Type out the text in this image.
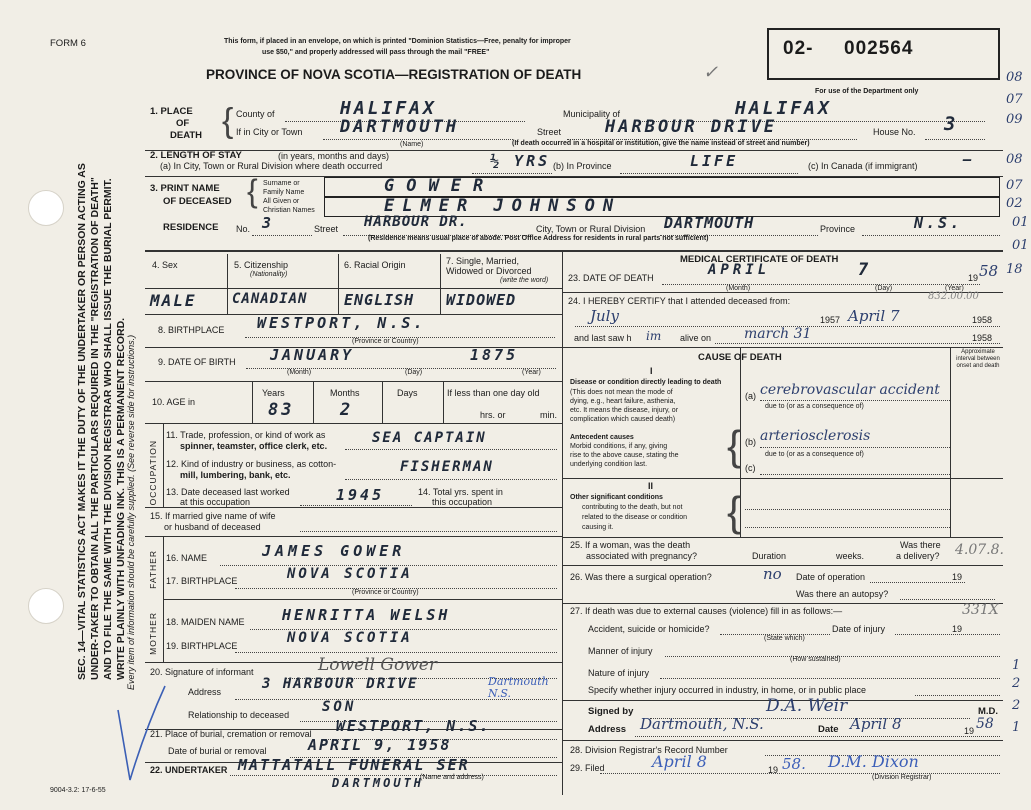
SEC. 14—VITAL STATISTICS ACT MAKES IT THE DUTY OF THE UNDERTAKER OR PERSON ACTING AS UNDER-TAKER TO OBTAIN ALL THE PARTICULARS REQUIRED IN THE "REGISTRATION OF DEATH" AND TO FILE THE SAME WITH THE DIVISION REGISTRAR WHO SHALL ISSUE THE BURIAL PERMIT. WRITE PLAINLY WITH UNFADING INK. THIS IS A PERMANENT RECORD. Every item of information should be carefully supplied. (See reverse side for instructions.)
FORM 6
9004-3.2: 17-6-55
This form, if placed in an envelope, on which is printed "Dominion Statistics—Free, penalty for improper
use $50," and properly addressed will pass through the mail "FREE"
PROVINCE OF NOVA SCOTIA—REGISTRATION OF DEATH	✓
02- 002564
For use of the Department only
08
07
09
08
07
02
18
01
01
1
2
2
1
1. PLACE
OF
DEATH { County of	HALIFAX	Municipality of	HALIFAX
If in City or Town DARTMOUTH
(Name)
Street	HARBOUR DRIVE	House No. 3
(If death occurred in a hospital or institution, give the name instead of street and number)
2. LENGTH OF STAY	(in years, months and days)
(a) In City, Town or Rural Division where death occurred	½ YRS (b) In Province	LIFE	(c) In Canada (if immigrant)	—
3. PRINT NAME
OF DECEASED { Surname or
Family Name	GOWER
All Given or
Christian Names	ELMER JOHNSON
RESIDENCE No. 3	Street HARBOUR DR.	City, Town or Rural Division DARTMOUTH	Province	N.S.
(Residence means usual place of abode. Post Office Address for residents in rural parts not sufficient)
4. Sex	5. Citizenship
(Nationality)
6. Racial Origin	7. Single, Married,
Widowed or Divorced
(write the word)
MALE	CANADIAN ENGLISH WIDOWED
8. BIRTHPLACE WESTPORT, N.S.
(Province or Country)
9. DATE OF BIRTH JANUARY	1875
(Month)	(Day)	(Year)
10. AGE in
Years	Months	Days	If less than one day old
83	2	hrs. or	min.
OCCUPATION
11. Trade, profession, or kind of work as
spinner, teamster, office clerk, etc.	SEA CAPTAIN
12. Kind of industry or business, as cotton-
mill, lumbering, bank, etc.	FISHERMAN
13. Date deceased last worked
at this occupation	1945	14. Total yrs. spent in
this occupation
15. If married give name of wife
or husband of deceased
FATHER 16. NAME	JAMES GOWER
17. BIRTHPLACE	NOVA SCOTIA
(Province or Country)
MOTHER 18. MAIDEN NAME HENRITTA WELSH
19. BIRTHPLACE	NOVA SCOTIA
20. Signature of informant	Lowell Gower
Address	3 HARBOUR DRIVE	Dartmouth N.S.
Relationship to deceased SON
21. Place of burial, cremation or removal WESTPORT, N.S.
Date of burial or removal	APRIL 9, 1958
22. UNDERTAKER MATTATALL FUNERAL SER
(Name and address)
DARTMOUTH
MEDICAL CERTIFICATE OF DEATH
23. DATE OF DEATH	APRIL	7	19 58
(Month)	(Day)	(Year)
24. I HEREBY CERTIFY that I attended deceased from:	832.00.00
July	1957 April 7	1958
and last saw h im alive on march 31	1958
CAUSE OF DEATH	Approximate interval between onset and death
I
Disease or condition directly leading to death
(This does not mean the mode of
dying, e.g., heart failure, asthenia,
etc. It means the disease, injury, or
complication which caused death)
(a) cerebrovascular accident
due to (or as a consequence of)
Antecedent causes
Morbid conditions, if any, giving
rise to the above cause, stating the
underlying condition last. { (b) arteriosclerosis
due to (or as a consequence of)
(c)
II
Other significant conditions
contributing to the death, but not
related to the disease or condition
causing it.	{
25. If a woman, was the death
associated with pregnancy?	Duration	weeks.
Was there
a delivery? 4.07.8.
26. Was there a surgical operation?	no Date of operation	19
Was there an autopsy?
27. If death was due to external causes (violence) fill in as follows:—	331X
Accident, suicide or homicide?
(State which)
Date of injury	19
Manner of injury
(How sustained)
Nature of injury
Specify whether injury occurred in industry, in home, or in public place
Signed by	D.A. Weir	M.D.
Address Dartmouth, N.S.	Date April 8	19 58
28. Division Registrar's Record Number
29. Filed	April 8	19 58. D.M. Dixon
(Division Registrar)
